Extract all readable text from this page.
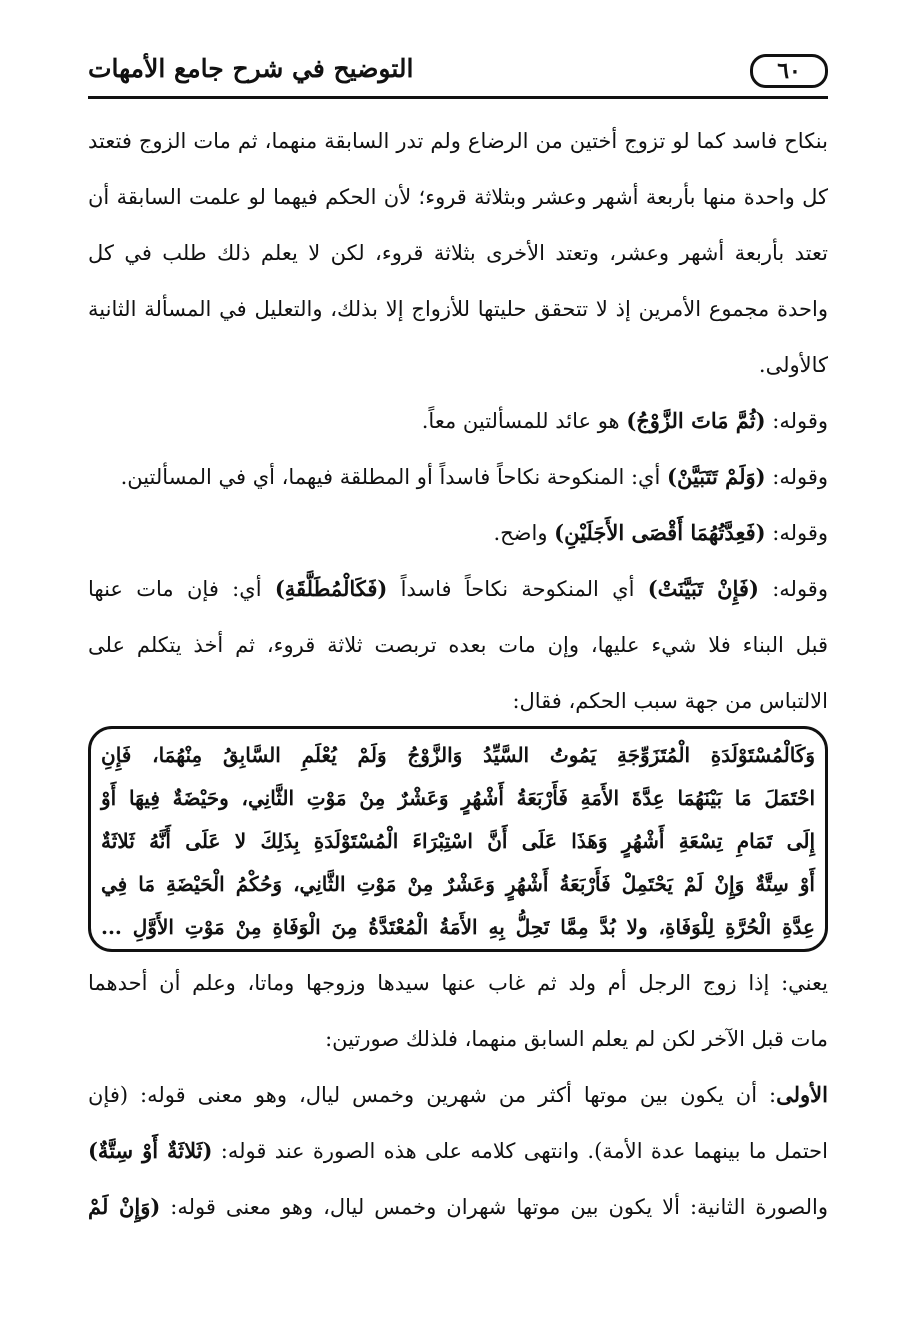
٦٠
التوضيح في شرح جامع الأمهات

بنكاح فاسد كما لو تزوج أختين من الرضاع ولم تدر السابقة منهما، ثم مات الزوج فتعتد

كل واحدة منها بأربعة أشهر وعشر وبثلاثة قروء؛ لأن الحكم فيهما لو علمت السابقة أن

تعتد بأربعة أشهر وعشر، وتعتد الأخرى بثلاثة قروء، لكن لا يعلم ذلك طلب في كل

واحدة مجموع الأمرين إذ لا تتحقق حليتها للأزواج إلا بذلك، والتعليل في المسألة الثانية

كالأولى.

وقوله: (ثُمَّ مَاتَ الزَّوْجُ) هو عائد للمسألتين معاً.

وقوله: (وَلَمْ تَتَبَيَّنْ) أي: المنكوحة نكاحاً فاسداً أو المطلقة فيهما، أي في المسألتين.

وقوله: (فَعِدَّتُهُمَا أَقْصَى الأَجَلَيْنِ) واضح.

وقوله: (فَإِنْ تَبَيَّنَتْ) أي المنكوحة نكاحاً فاسداً (فَكَالْمُطَلَّقَةِ) أي: فإن مات عنها

قبل البناء فلا شيء عليها، وإن مات بعده تربصت ثلاثة قروء، ثم أخذ يتكلم على

الالتباس من جهة سبب الحكم، فقال:

وَكَالْمُسْتَوْلَدَةِ الْمُتَزَوِّجَةِ يَمُوتُ السَّيِّدُ وَالزَّوْجُ وَلَمْ يُعْلَمِ السَّابِقُ مِنْهُمَا، فَإِنِ

احْتَمَلَ مَا بَيْنَهُمَا عِدَّةَ الأَمَةِ فَأَرْبَعَةُ أَشْهُرٍ وَعَشْرٌ مِنْ مَوْتِ الثَّانِي، وحَيْضَةٌ فِيهَا أَوْ

إِلَى تَمَامِ تِسْعَةِ أَشْهُرٍ وَهَذَا عَلَى أَنَّ اسْتِبْرَاءَ الْمُسْتَوْلَدَةِ بِذَلِكَ لا عَلَى أَنَّهُ ثَلاثَةٌ

أَوْ سِتَّةٌ وَإِنْ لَمْ يَحْتَمِلْ فَأَرْبَعَةُ أَشْهُرٍ وَعَشْرٌ مِنْ مَوْتِ الثَّانِي، وَحُكْمُ الْحَيْضَةِ مَا فِي

عِدَّةِ الْحُرَّةِ لِلْوَفَاةِ، ولا بُدَّ مِمَّا تَحِلُّ بِهِ الأَمَةُ الْمُعْتَدَّةُ مِنَ الْوَفَاةِ مِنْ مَوْتِ الأَوَّلِ ...

يعني: إذا زوج الرجل أم ولد ثم غاب عنها سيدها وزوجها وماتا، وعلم أن أحدهما

مات قبل الآخر لكن لم يعلم السابق منهما، فلذلك صورتين:

الأولى: أن يكون بين موتها أكثر من شهرين وخمس ليال، وهو معنى قوله: (فإن

احتمل ما بينهما عدة الأمة). وانتهى كلامه على هذه الصورة عند قوله: (ثَلاثَةٌ أَوْ سِتَّةٌ)

والصورة الثانية: ألا يكون بين موتها شهران وخمس ليال، وهو معنى قوله: (وَإِنْ لَمْ
